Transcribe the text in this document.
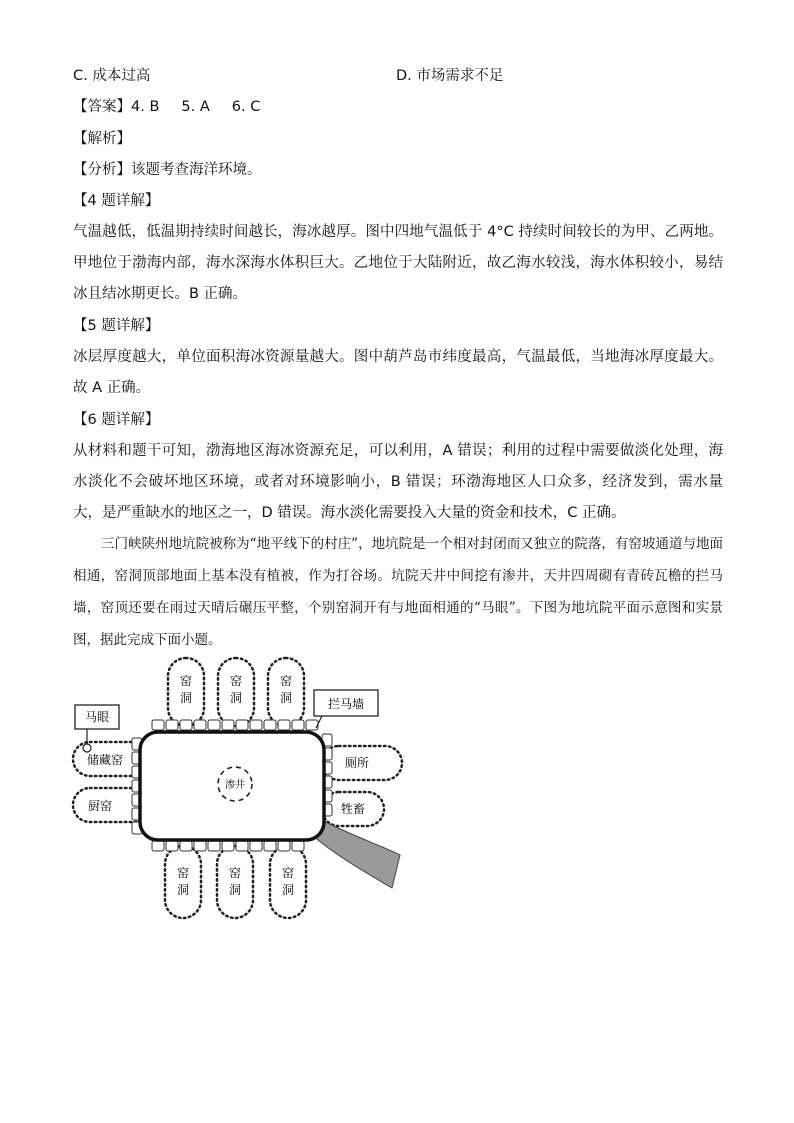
C. 成本过高	D. 市场需求不足
【答案】4. B 5. A 6. C
【解析】
【分析】该题考查海洋环境。
【4 题详解】
气温越低，低温期持续时间越长，海冰越厚。图中四地气温低于 4°C 持续时间较长的为甲、乙两地。甲地位于渤海内部，海水深海水体积巨大。乙地位于大陆附近，故乙海水较浅，海水体积较小，易结冰且结冰期更长。B 正确。
【5 题详解】
冰层厚度越大，单位面积海冰资源量越大。图中葫芦岛市纬度最高，气温最低，当地海冰厚度最大。故 A 正确。
【6 题详解】
从材料和题干可知，渤海地区海冰资源充足，可以利用，A 错误；利用的过程中需要做淡化处理，海水淡化不会破坏地区环境，或者对环境影响小，B 错误；环渤海地区人口众多，经济发到，需水量大，是严重缺水的地区之一，D 错误。海水淡化需要投入大量的资金和技术，C 正确。
三门峡陕州地坑院被称为“地平线下的村庄”，地坑院是一个相对封闭而又独立的院落，有窑坡通道与地面相通，窑洞顶部地面上基本没有植被，作为打谷场。坑院天井中间挖有渗井，天井四周砌有青砖瓦檐的拦马墙，窑顶还要在雨过天晴后碾压平整，个别窑洞开有与地面相通的“马眼”。下图为地坑院平面示意图和实景图，据此完成下面小题。
窑
洞
窑
洞
窑
洞
窑
洞
窑
洞
窑
洞
储藏窑
厨窑
厕所
牲畜
渗井
马眼
拦马墙
